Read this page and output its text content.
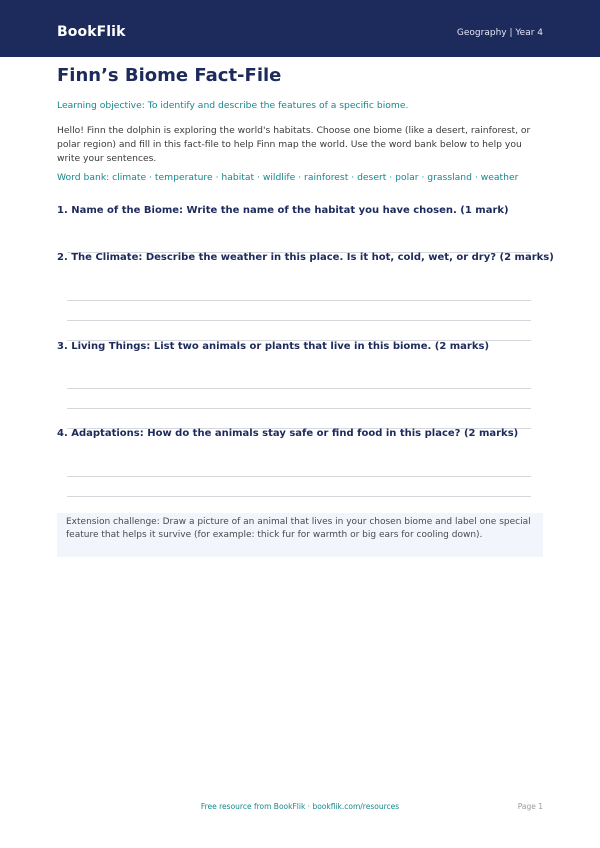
BookFlik	Geography | Year 4
Finn’s Biome Fact-File
Learning objective: To identify and describe the features of a specific biome.
Hello! Finn the dolphin is exploring the world's habitats. Choose one biome (like a desert, rainforest, or polar region) and fill in this fact-file to help Finn map the world. Use the word bank below to help you write your sentences.
Word bank: climate · temperature · habitat · wildlife · rainforest · desert · polar · grassland · weather
1. Name of the Biome: Write the name of the habitat you have chosen. (1 mark)
2. The Climate: Describe the weather in this place. Is it hot, cold, wet, or dry? (2 marks)
3. Living Things: List two animals or plants that live in this biome. (2 marks)
4. Adaptations: How do the animals stay safe or find food in this place? (2 marks)
Extension challenge: Draw a picture of an animal that lives in your chosen biome and label one special feature that helps it survive (for example: thick fur for warmth or big ears for cooling down).
Free resource from BookFlik · bookflik.com/resources	Page 1
